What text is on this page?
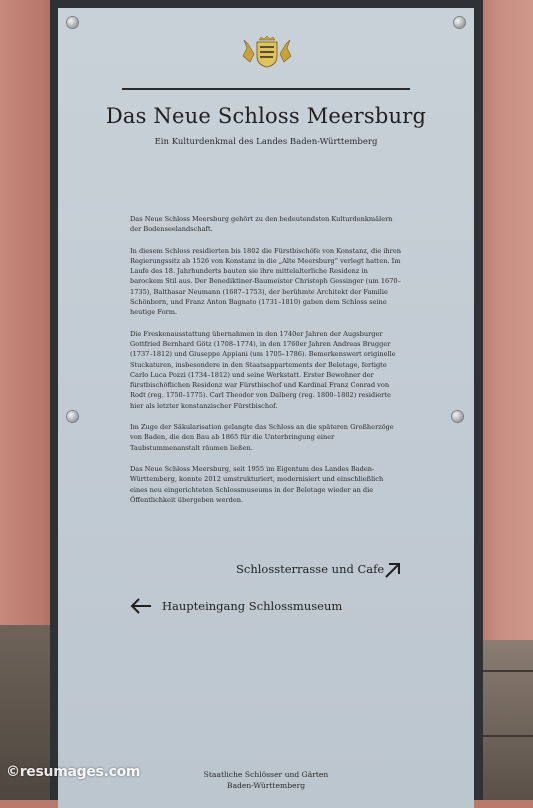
Das Neue Schloss Meersburg
Ein Kulturdenkmal des Landes Baden-Württemberg

Das Neue Schloss Meersburg gehört zu den bedeutendsten Kulturdenkmälern der Bodenseelandschaft.

In diesem Schloss residierten bis 1802 die Fürstbischöfe von Konstanz, die ihren Regierungssitz ab 1526 von Konstanz in die „Alte Meersburg“ verlegt hatten. Im Laufe des 18. Jahrhunderts bauten sie ihre mittelalterliche Residenz in barockem Stil aus. Der Benediktiner-Baumeister Christoph Gessinger (um 1670–1735), Balthasar Neumann (1687–1753), der berühmte Architekt der Familie Schönborn, und Franz Anton Bagnato (1731–1810) gaben dem Schloss seine heutige Form.

Die Freskenausstattung übernahmen in den 1740er Jahren der Augsburger Gottfried Bernhard Götz (1708–1774), in den 1760er Jahren Andreas Brugger (1737–1812) und Giuseppe Appiani (um 1705–1786). Bemerkenswert originelle Stuckaturen, insbesondere in den Staatsappartements der Beletage, fertigte Carlo Luca Pozzi (1734–1812) und seine Werkstatt. Erster Bewohner der fürstbischöflichen Residenz war Fürstbischof und Kardinal Franz Conrad von Rodt (reg. 1750–1775). Carl Theodor von Dalberg (reg. 1800–1802) residierte hier als letzter konstanzischer Fürstbischof.

Im Zuge der Säkularisation gelangte das Schloss an die späteren Großherzöge von Baden, die den Bau ab 1865 für die Unterbringung einer Taubstummenanstalt räumen ließen.

Das Neue Schloss Meersburg, seit 1955 im Eigentum des Landes Baden-Württemberg, konnte 2012 umstrukturiert, modernisiert und einschließlich eines neu eingerichteten Schlossmuseums in der Beletage wieder an die Öffentlichkeit übergeben werden.

Schlossterrasse und Cafe
Haupteingang Schlossmuseum
Staatliche Schlösser und Gärten
Baden-Württemberg
©resumages.com
